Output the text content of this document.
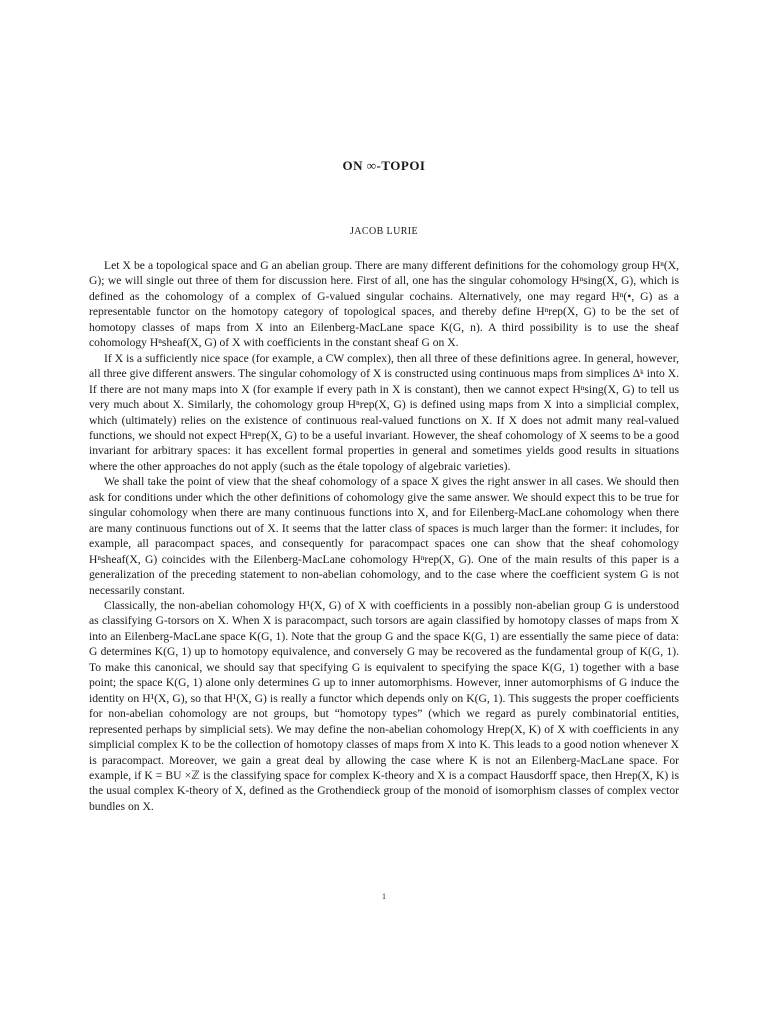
ON ∞-TOPOI
JACOB LURIE

Let X be a topological space and G an abelian group. There are many different definitions for the cohomology group Hⁿ(X, G); we will single out three of them for discussion here. First of all, one has the singular cohomology Hⁿsing(X, G), which is defined as the cohomology of a complex of G-valued singular cochains. Alternatively, one may regard Hⁿ(•, G) as a representable functor on the homotopy category of topological spaces, and thereby define Hⁿrep(X, G) to be the set of homotopy classes of maps from X into an Eilenberg-MacLane space K(G, n). A third possibility is to use the sheaf cohomology Hⁿsheaf(X, G) of X with coefficients in the constant sheaf G on X.

If X is a sufficiently nice space (for example, a CW complex), then all three of these definitions agree. In general, however, all three give different answers. The singular cohomology of X is constructed using continuous maps from simplices Δᵏ into X. If there are not many maps into X (for example if every path in X is constant), then we cannot expect Hⁿsing(X, G) to tell us very much about X. Similarly, the cohomology group Hⁿrep(X, G) is defined using maps from X into a simplicial complex, which (ultimately) relies on the existence of continuous real-valued functions on X. If X does not admit many real-valued functions, we should not expect Hⁿrep(X, G) to be a useful invariant. However, the sheaf cohomology of X seems to be a good invariant for arbitrary spaces: it has excellent formal properties in general and sometimes yields good results in situations where the other approaches do not apply (such as the étale topology of algebraic varieties).

We shall take the point of view that the sheaf cohomology of a space X gives the right answer in all cases. We should then ask for conditions under which the other definitions of cohomology give the same answer. We should expect this to be true for singular cohomology when there are many continuous functions into X, and for Eilenberg-MacLane cohomology when there are many continuous functions out of X. It seems that the latter class of spaces is much larger than the former: it includes, for example, all paracompact spaces, and consequently for paracompact spaces one can show that the sheaf cohomology Hⁿsheaf(X, G) coincides with the Eilenberg-MacLane cohomology Hⁿrep(X, G). One of the main results of this paper is a generalization of the preceding statement to non-abelian cohomology, and to the case where the coefficient system G is not necessarily constant.

Classically, the non-abelian cohomology H¹(X, G) of X with coefficients in a possibly non-abelian group G is understood as classifying G-torsors on X. When X is paracompact, such torsors are again classified by homotopy classes of maps from X into an Eilenberg-MacLane space K(G, 1). Note that the group G and the space K(G, 1) are essentially the same piece of data: G determines K(G, 1) up to homotopy equivalence, and conversely G may be recovered as the fundamental group of K(G, 1). To make this canonical, we should say that specifying G is equivalent to specifying the space K(G, 1) together with a base point; the space K(G, 1) alone only determines G up to inner automorphisms. However, inner automorphisms of G induce the identity on H¹(X, G), so that H¹(X, G) is really a functor which depends only on K(G, 1). This suggests the proper coefficients for non-abelian cohomology are not groups, but “homotopy types” (which we regard as purely combinatorial entities, represented perhaps by simplicial sets). We may define the non-abelian cohomology Hrep(X, K) of X with coefficients in any simplicial complex K to be the collection of homotopy classes of maps from X into K. This leads to a good notion whenever X is paracompact. Moreover, we gain a great deal by allowing the case where K is not an Eilenberg-MacLane space. For example, if K = BU ×ℤ is the classifying space for complex K-theory and X is a compact Hausdorff space, then Hrep(X, K) is the usual complex K-theory of X, defined as the Grothendieck group of the monoid of isomorphism classes of complex vector bundles on X.

1
